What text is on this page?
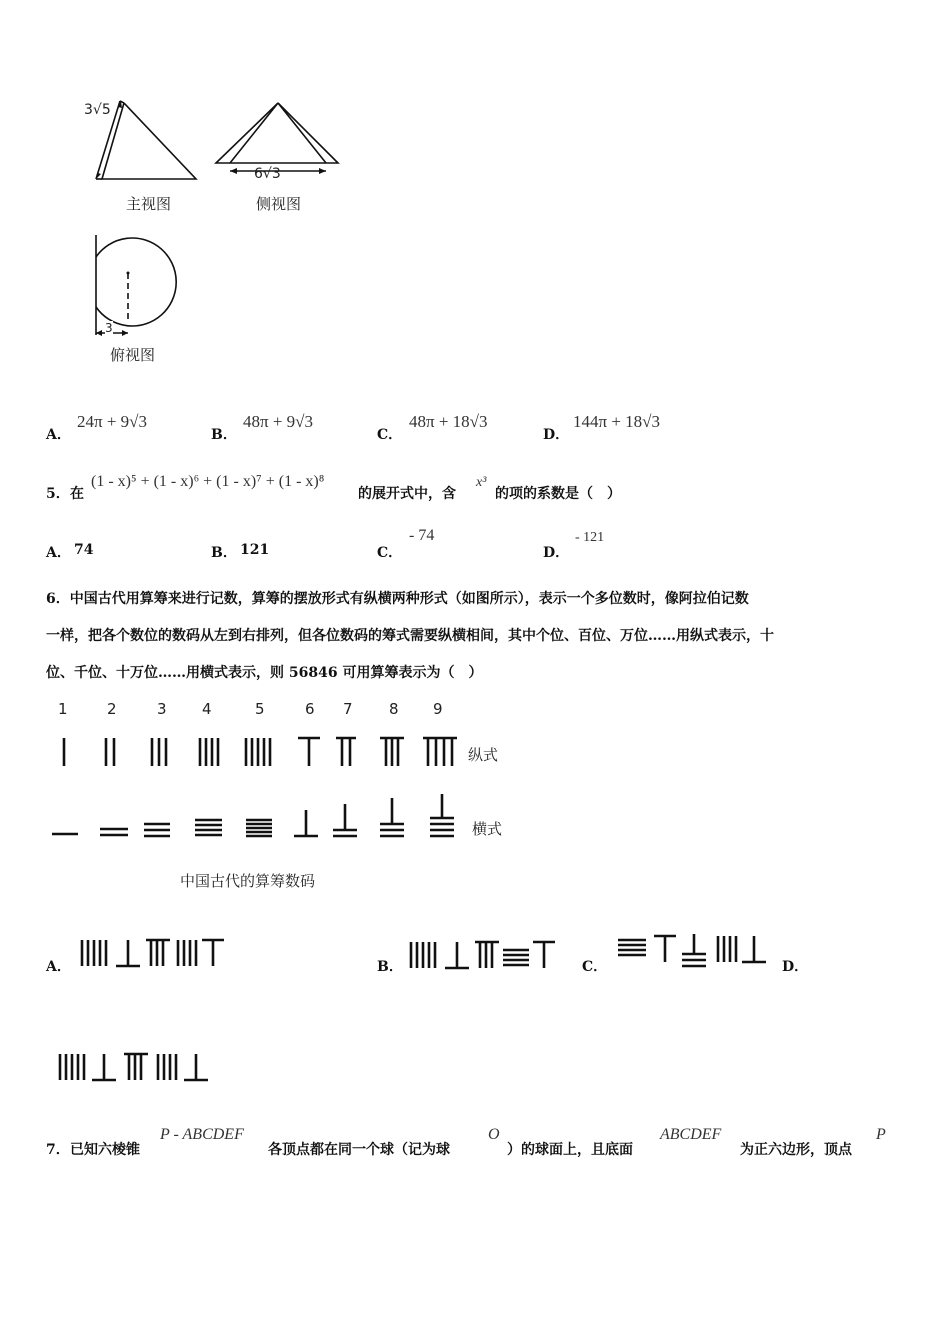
3√5
6√3
3
主视图	侧视图
俯视图
A．
24π + 9√3
B．
48π + 9√3
C．
48π + 18√3
D．
144π + 18√3
5． 在
(1 - x)⁵ + (1 - x)⁶ + (1 - x)⁷ + (1 - x)⁸
的展开式中，含
x³
的项的系数是（　）
A． 74	B． 121	C．
- 74
D．
- 121
6．中国古代用算筹来进行记数，算筹的摆放形式有纵横两种形式（如图所示），表示一个多位数时，像阿拉伯记数
一样，把各个数位的数码从左到右排列，但各位数码的筹式需要纵横相间，其中个位、百位、万位……用纵式表示，十
位、千位、十万位……用横式表示，则 56846 可用算筹表示为（　）
1	2	3 4	5	6 7 8 9
纵式
横式
中国古代的算筹数码
A．	B．	C．	D．
7． 已知六棱锥
P - ABCDEF
各顶点都在同一个球（记为球
O
）的球面上，且底面
ABCDEF
为正六边形，顶点
P
